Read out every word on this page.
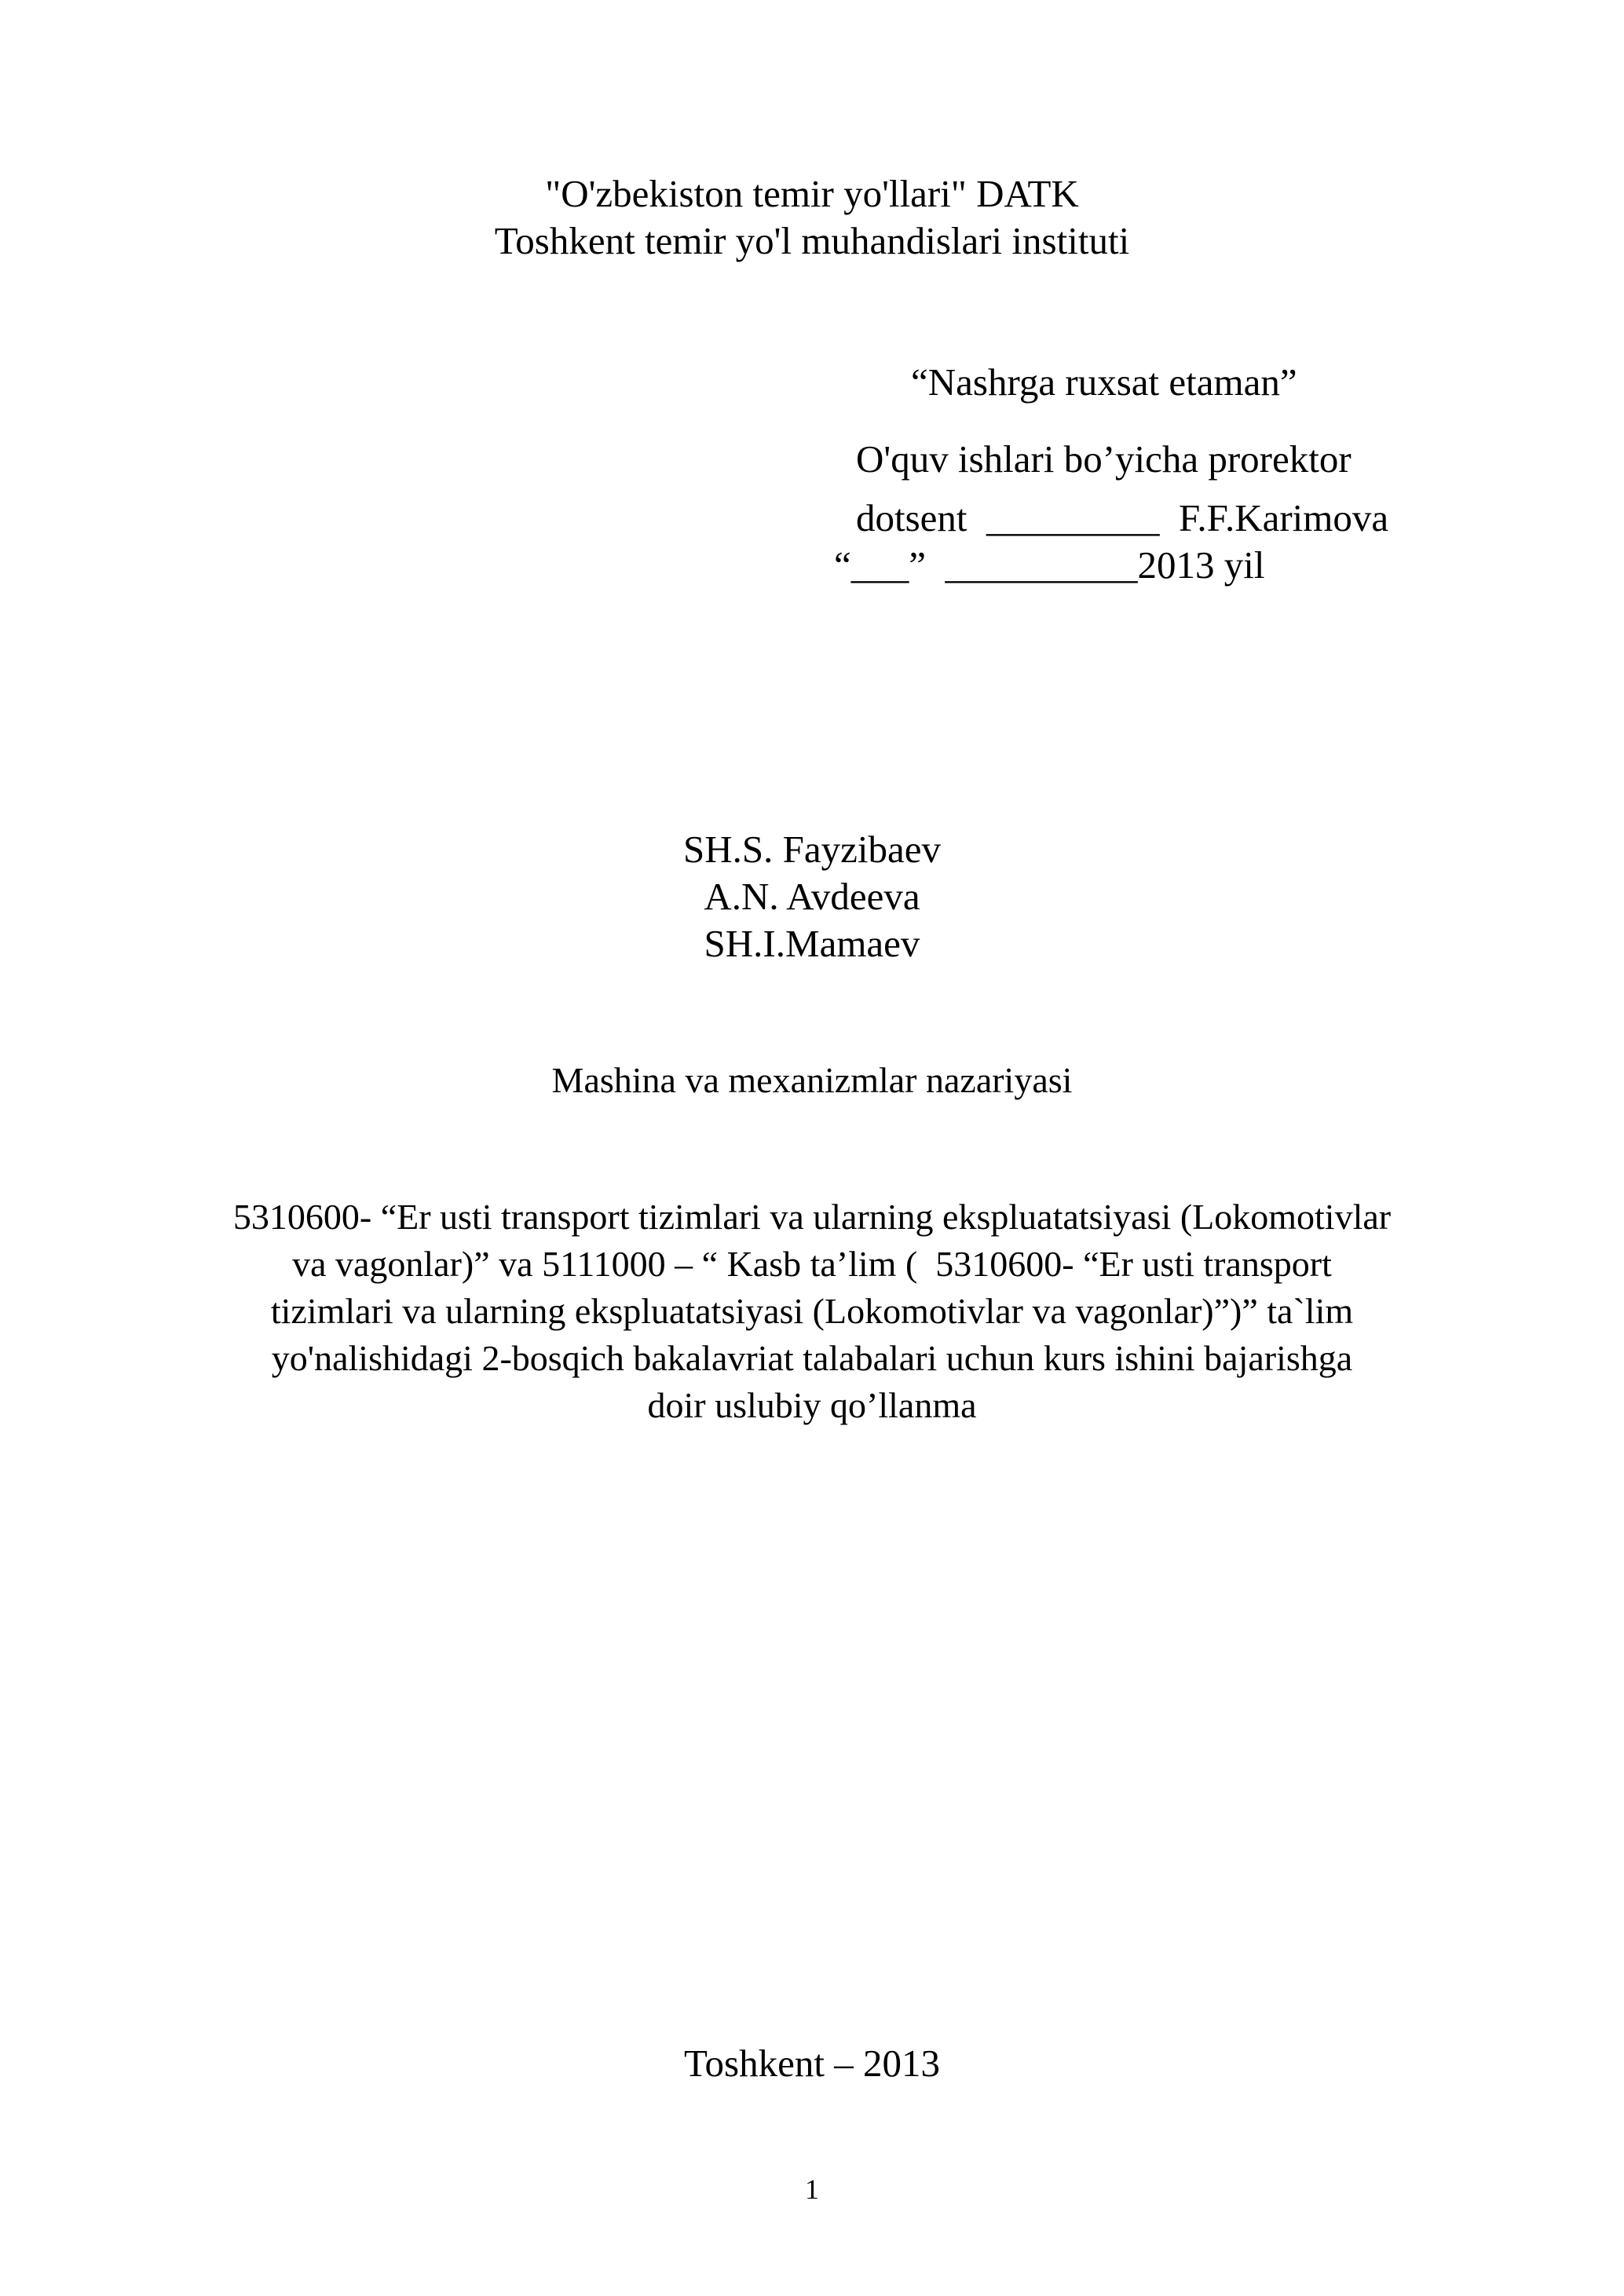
"O'zbekiston temir yo'llari" DATK
Toshkent temir yo'l muhandislari instituti
“Nashrga ruxsat etaman”
O'quv ishlari bo’yicha prorektor
dotsent  _________  F.F.Karimova
“___”  __________2013 yil
SH.S. Fayzibaev
A.N. Avdeeva
SH.I.Mamaev
Mashina va mexanizmlar nazariyasi
5310600- “Er usti transport tizimlari va ularning ekspluatatsiyasi (Lokomotivlar
va vagonlar)” va 5111000 – “ Kasb ta’lim (  5310600- “Er usti transport
tizimlari va ularning ekspluatatsiyasi (Lokomotivlar va vagonlar)”)” ta`lim
yo'nalishidagi 2-bosqich bakalavriat talabalari uchun kurs ishini bajarishga
doir uslubiy qo’llanma
Toshkent – 2013
1
